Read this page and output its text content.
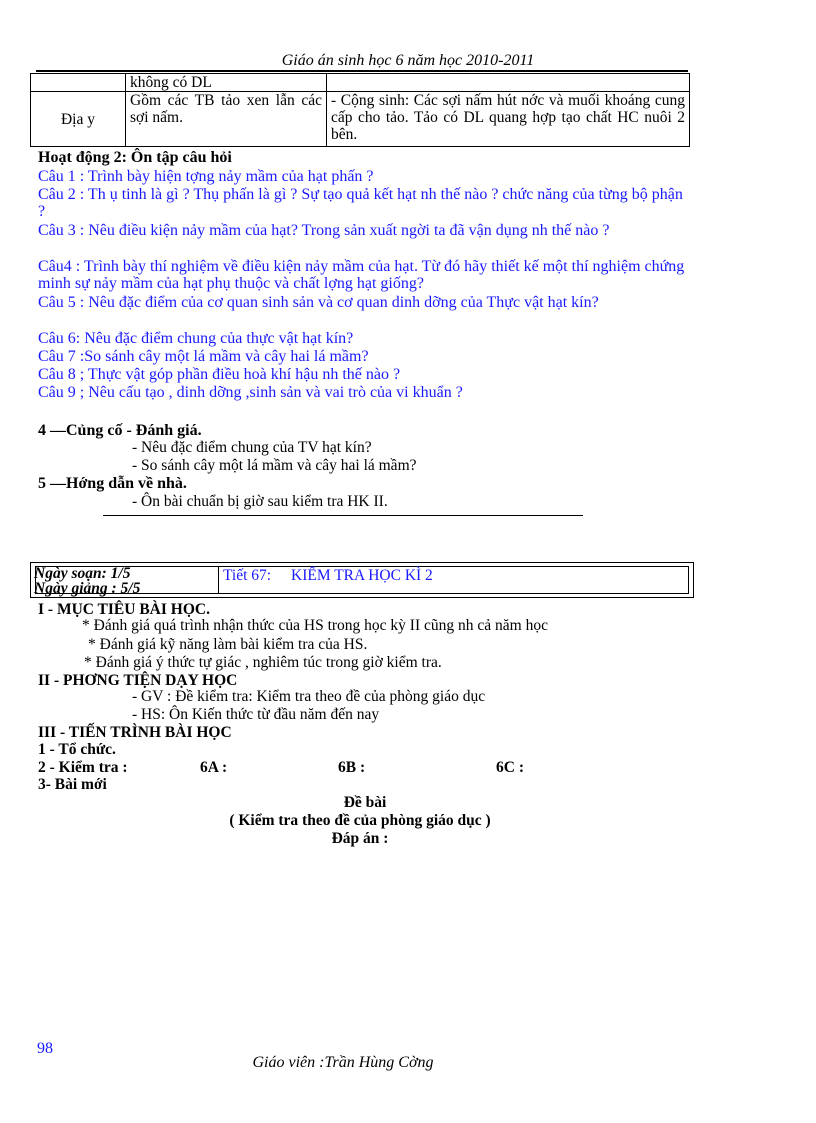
Giáo án sinh học 6 năm học 2010-2011
	không có DL	
Địa y	Gồm các TB tảo xen lẫn các sợi nấm.	- Cộng sinh: Các sợi nấm hút nớc và muối khoáng cung cấp cho tảo. Tảo có DL quang hợp tạo chất HC nuôi 2 bên.
Hoạt động 2: Ôn tập câu hỏi
Câu 1 : Trình bày hiện tợng nảy mầm của hạt phấn ?
Câu 2 : Th ụ tinh là gì ? Thụ phấn là gì ? Sự tạo quả kết hạt nh thế nào ? chức năng của từng bộ phận ?
Câu 3 : Nêu điều kiện nảy mầm của hạt? Trong sản xuất ngời ta đã vận dụng nh thế nào ?
Câu4 : Trình bày thí nghiệm về điều kiện nảy mầm của hạt. Từ đó hãy thiết kế một thí nghiệm chứng minh sự nảy mầm của hạt phụ thuộc và chất lợng hạt giống?
Câu 5 : Nêu đặc điểm của cơ quan sinh sản và cơ quan dinh dỡng của Thực vật hạt kín?
Câu 6: Nêu đặc điểm chung của thực vật hạt kín?
Câu 7 :So sánh cây một lá mầm và cây hai lá mầm?
Câu 8 ; Thực vật góp phần điều hoà khí hậu nh thế nào ?
Câu 9 ; Nêu cấu tạo , dinh dỡng ,sinh sản và vai trò của vi khuẩn ?
4 —Củng cố - Đánh giá.
- Nêu đặc điểm chung của TV hạt kín?
- So sánh cây một lá mầm và cây hai lá mầm?
5 —Hớng dẫn về nhà.
- Ôn bài chuẩn bị giờ sau kiểm tra HK II.
Ngày soạn: 1/5
Ngày giảng : 5/5
Tiết 67: KIỂM TRA HỌC KÌ 2
I - MỤC TIÊU BÀI HỌC.
* Đánh giá quá trình nhận thức của HS trong học kỳ II cũng nh cả năm học
* Đánh giá kỹ năng làm bài kiểm tra của HS.
* Đánh giá ý thức tự giác , nghiêm túc trong giờ kiểm tra.
II - PHƠNG TIỆN DẠY HỌC
- GV : Đề kiểm tra: Kiểm tra theo đề của phòng giáo dục
- HS: Ôn Kiến thức từ đầu năm đến nay
III - TIẾN TRÌNH BÀI HỌC
1 - Tổ chức.
2 - Kiểm tra :	6A :	6B :	6C :
3- Bài mới
Đề bài
( Kiểm tra theo đề của phòng giáo dục )
Đáp án :
98
Giáo viên :Trần Hùng Cờng
